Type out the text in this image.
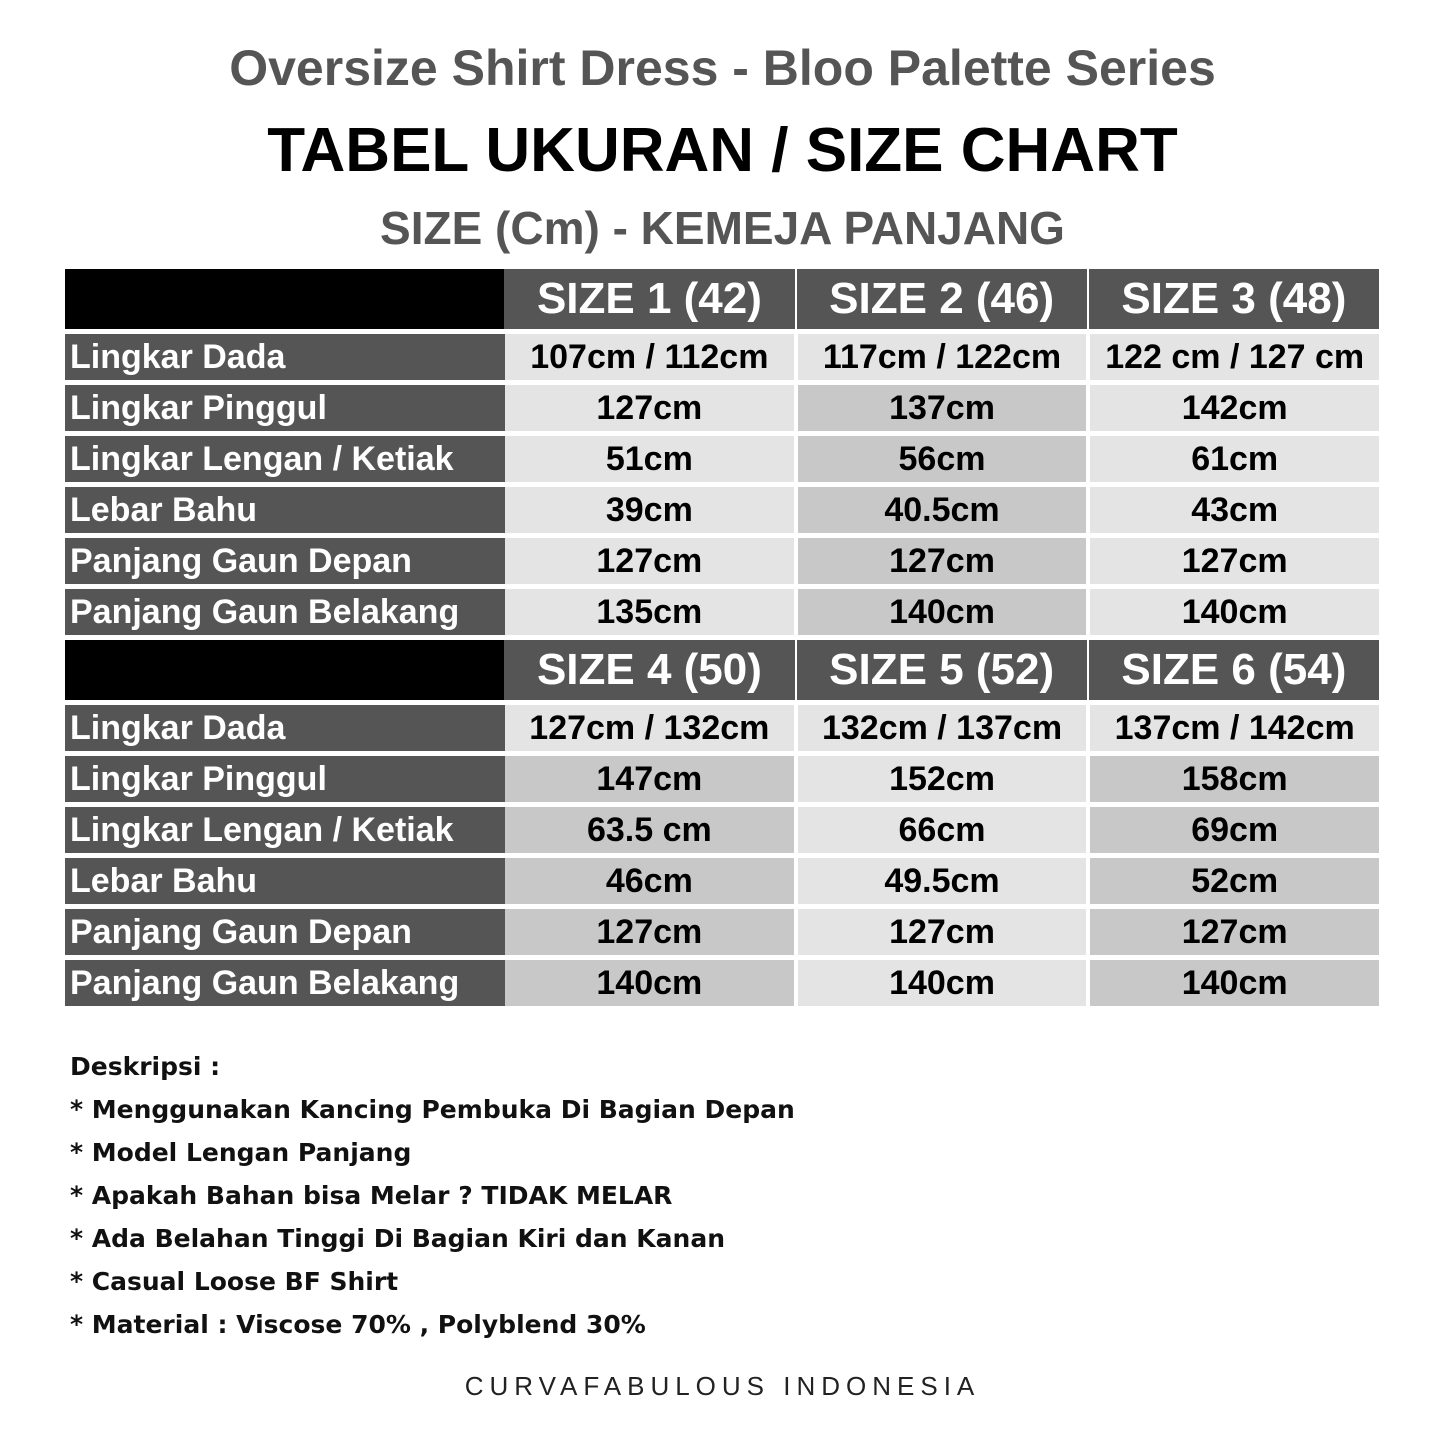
Oversize Shirt Dress - Bloo Palette Series
TABEL UKURAN / SIZE CHART
SIZE (Cm) - KEMEJA PANJANG
SIZE 1 (42)	SIZE 2 (46)	SIZE 3 (48)
Lingkar Dada	107cm / 112cm	117cm / 122cm	122 cm / 127 cm
Lingkar Pinggul	127cm	137cm	142cm
Lingkar Lengan / Ketiak	51cm	56cm	61cm
Lebar Bahu	39cm	40.5cm	43cm
Panjang Gaun Depan	127cm	127cm	127cm
Panjang Gaun Belakang	135cm	140cm	140cm
SIZE 4 (50)	SIZE 5 (52)	SIZE 6 (54)
Lingkar Dada	127cm / 132cm	132cm / 137cm	137cm / 142cm
Lingkar Pinggul	147cm	152cm	158cm
Lingkar Lengan / Ketiak	63.5 cm	66cm	69cm
Lebar Bahu	46cm	49.5cm	52cm
Panjang Gaun Depan	127cm	127cm	127cm
Panjang Gaun Belakang	140cm	140cm	140cm
Deskripsi :
* Menggunakan Kancing Pembuka Di Bagian Depan
* Model Lengan Panjang
* Apakah Bahan bisa Melar ? TIDAK MELAR
* Ada Belahan Tinggi Di Bagian Kiri dan Kanan
* Casual Loose BF Shirt
* Material : Viscose 70% , Polyblend 30%
CURVAFABULOUS INDONESIA
